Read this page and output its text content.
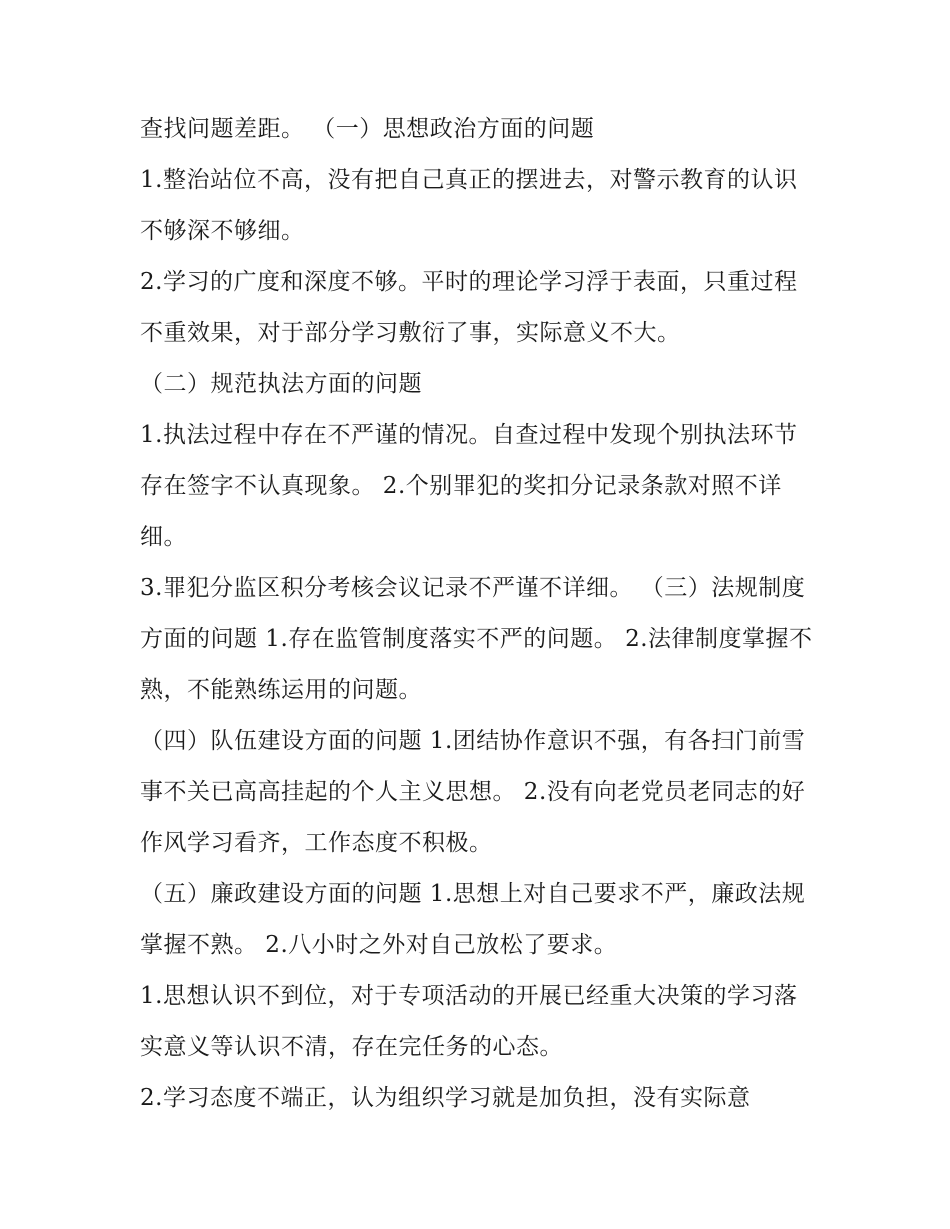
查找问题差距。 （一）思想政治方面的问题

1.整治站位不高，没有把自己真正的摆进去，对警示教育的认识不够深不够细。

2.学习的广度和深度不够。平时的理论学习浮于表面，只重过程不重效果，对于部分学习敷衍了事，实际意义不大。

（二）规范执法方面的问题

1.执法过程中存在不严谨的情况。自查过程中发现个别执法环节存在签字不认真现象。 2.个别罪犯的奖扣分记录条款对照不详细。

3.罪犯分监区积分考核会议记录不严谨不详细。 （三）法规制度方面的问题 1.存在监管制度落实不严的问题。 2.法律制度掌握不熟，不能熟练运用的问题。

（四）队伍建设方面的问题 1.团结协作意识不强，有各扫门前雪事不关已高高挂起的个人主义思想。 2.没有向老党员老同志的好作风学习看齐，工作态度不积极。

（五）廉政建设方面的问题 1.思想上对自己要求不严，廉政法规掌握不熟。 2.八小时之外对自己放松了要求。

1.思想认识不到位，对于专项活动的开展已经重大决策的学习落实意义等认识不清，存在完任务的心态。

2.学习态度不端正，认为组织学习就是加负担，没有实际意
